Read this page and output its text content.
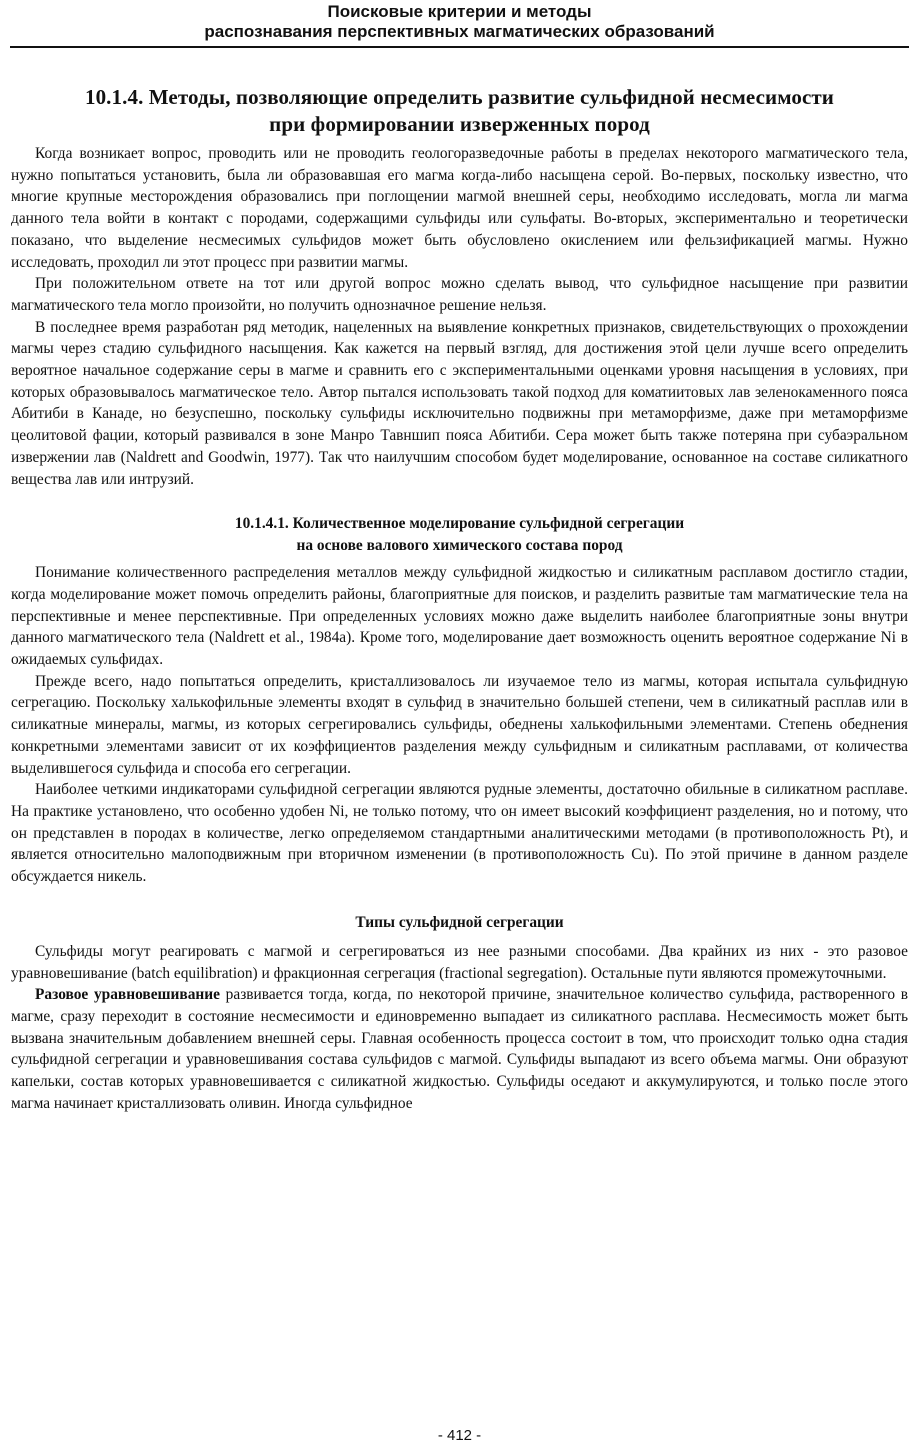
Поисковые критерии и методы
распознавания перспективных магматических образований
10.1.4. Методы, позволяющие определить развитие сульфидной несмесимости
при формировании изверженных пород

Когда возникает вопрос, проводить или не проводить геологоразведочные работы в пределах некоторого магматического тела, нужно попытаться установить, была ли образовавшая его магма когда-либо насыщена серой. Во-первых, поскольку известно, что многие крупные месторождения образовались при поглощении магмой внешней серы, необходимо исследовать, могла ли магма данного тела войти в контакт с породами, содержащими сульфиды или сульфаты. Во-вторых, экспериментально и теоретически показано, что выделение несмесимых сульфидов может быть обусловлено окислением или фельзификацией магмы. Нужно исследовать, проходил ли этот процесс при развитии магмы.

При положительном ответе на тот или другой вопрос можно сделать вывод, что сульфидное насыщение при развитии магматического тела могло произойти, но получить однозначное решение нельзя.

В последнее время разработан ряд методик, нацеленных на выявление конкретных признаков, свидетельствующих о прохождении магмы через стадию сульфидного насыщения. Как кажется на первый взгляд, для достижения этой цели лучше всего определить вероятное начальное содержание серы в магме и сравнить его с экспериментальными оценками уровня насыщения в условиях, при которых образовывалось магматическое тело. Автор пытался использовать такой подход для коматиитовых лав зеленокаменного пояса Абитиби в Канаде, но безуспешно, поскольку сульфиды исключительно подвижны при метаморфизме, даже при метаморфизме цеолитовой фации, который развивался в зоне Манро Тавншип пояса Абитиби. Сера может быть также потеряна при субаэральном извержении лав (Naldrett and Goodwin, 1977). Так что наилучшим способом будет моделирование, основанное на составе силикатного вещества лав или интрузий.

10.1.4.1. Количественное моделирование сульфидной сегрегации
на основе валового химического состава пород

Понимание количественного распределения металлов между сульфидной жидкостью и силикатным расплавом достигло стадии, когда моделирование может помочь определить районы, благоприятные для поисков, и разделить развитые там магматические тела на перспективные и менее перспективные. При определенных условиях можно даже выделить наиболее благоприятные зоны внутри данного магматического тела (Naldrett et al., 1984a). Кроме того, моделирование дает возможность оценить вероятное содержание Ni в ожидаемых сульфидах.

Прежде всего, надо попытаться определить, кристаллизовалось ли изучаемое тело из магмы, которая испытала сульфидную сегрегацию. Поскольку халькофильные элементы входят в сульфид в значительно большей степени, чем в силикатный расплав или в силикатные минералы, магмы, из которых сегрегировались сульфиды, обеднены халькофильными элементами. Степень обеднения конкретными элементами зависит от их коэффициентов разделения между сульфидным и силикатным расплавами, от количества выделившегося сульфида и способа его сегрегации.

Наиболее четкими индикаторами сульфидной сегрегации являются рудные элементы, достаточно обильные в силикатном расплаве. На практике установлено, что особенно удобен Ni, не только потому, что он имеет высокий коэффициент разделения, но и потому, что он представлен в породах в количестве, легко определяемом стандартными аналитическими методами (в противоположность Pt), и является относительно малоподвижным при вторичном изменении (в противоположность Cu). По этой причине в данном разделе обсуждается никель.

Типы сульфидной сегрегации

Сульфиды могут реагировать с магмой и сегрегироваться из нее разными способами. Два крайних из них - это разовое уравновешивание (batch equilibration) и фракционная сегрегация (fractional segregation). Остальные пути являются промежуточными.

Разовое уравновешивание развивается тогда, когда, по некоторой причине, значительное количество сульфида, растворенного в магме, сразу переходит в состояние несмесимости и единовременно выпадает из силикатного расплава. Несмесимость может быть вызвана значительным добавлением внешней серы. Главная особенность процесса состоит в том, что происходит только одна стадия сульфидной сегрегации и уравновешивания состава сульфидов с магмой. Сульфиды выпадают из всего объема магмы. Они образуют капельки, состав которых уравновешивается с силикатной жидкостью. Сульфиды оседают и аккумулируются, и только после этого магма начинает кристаллизовать оливин. Иногда сульфидное

- 412 -
